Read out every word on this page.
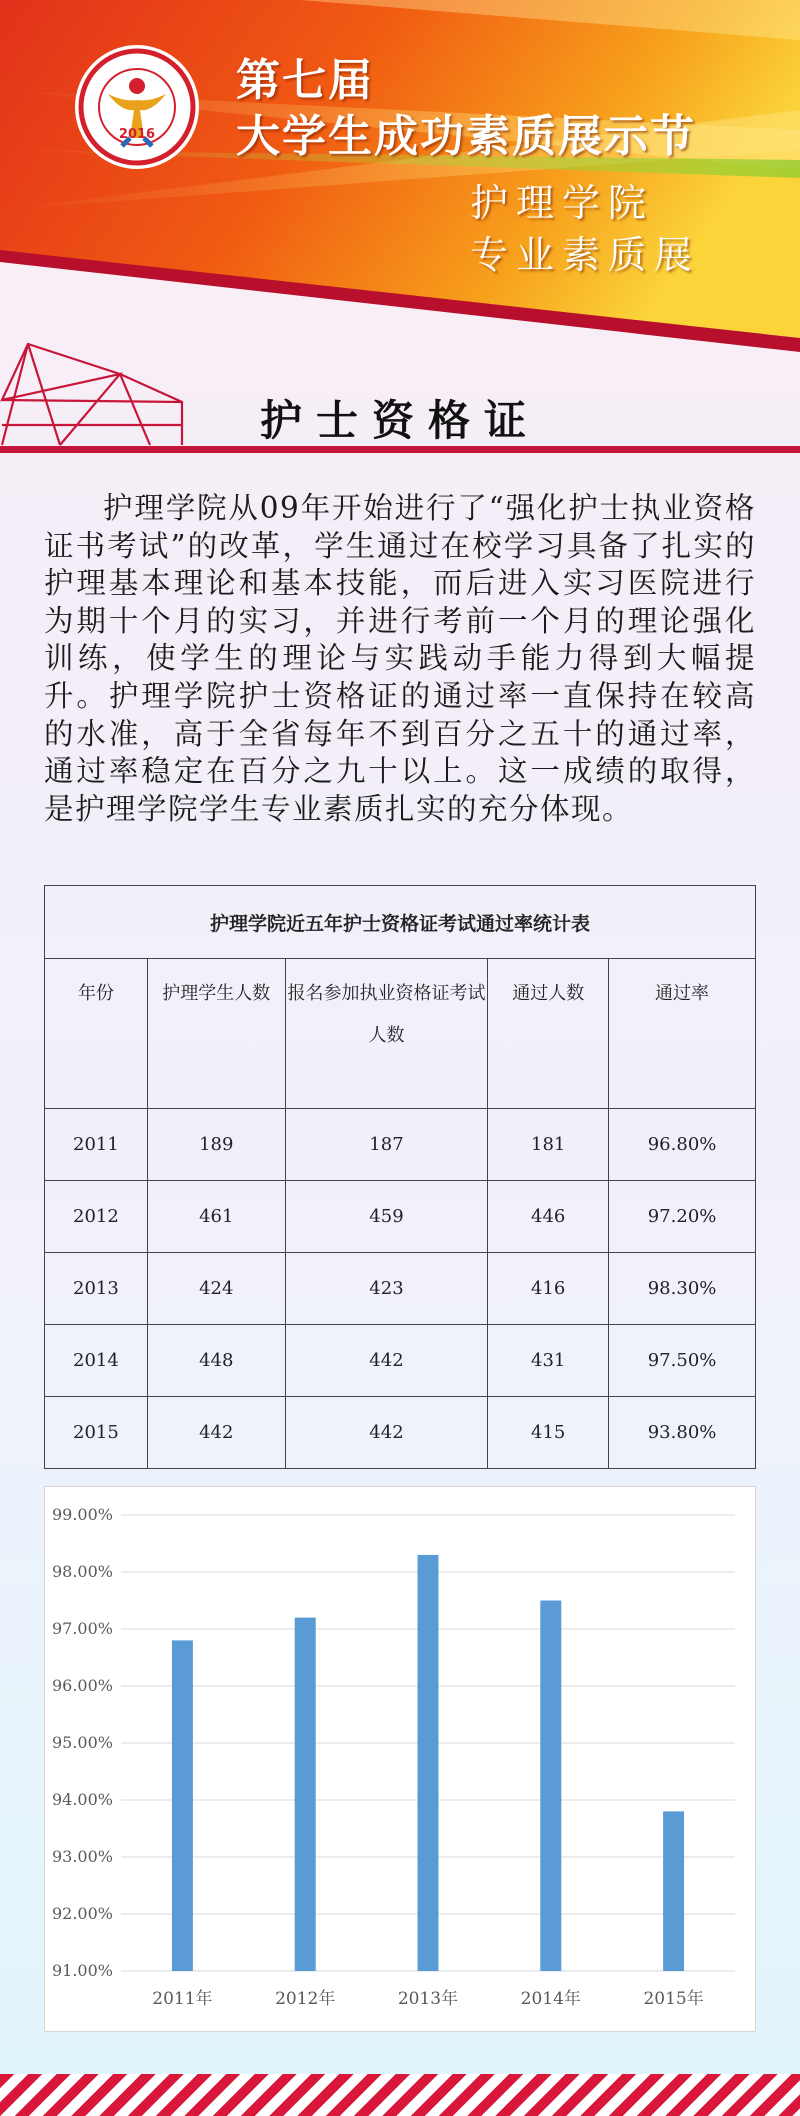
2016
第七届
大学生成功素质展示节
护理学院
专业素质展
护士资格证

护理学院从09年开始进行了“强化护士执业资格证书考试”的改革，学生通过在校学习具备了扎实的护理基本理论和基本技能，而后进入实习医院进行为期十个月的实习，并进行考前一个月的理论强化训练，使学生的理论与实践动手能力得到大幅提升。护理学院护士资格证的通过率一直保持在较高的水准，高于全省每年不到百分之五十的通过率，通过率稳定在百分之九十以上。这一成绩的取得，是护理学院学生专业素质扎实的充分体现。

护理学院近五年护士资格证考试通过率统计表				
年份	护理学生人数	报名参加执业资格证考试人数	通过人数	通过率
2011	189	187	181	96.80%
2012	461	459	446	97.20%
2013	424	423	416	98.30%
2014	448	442	431	97.50%
2015	442	442	415	93.80%
91.00%
92.00%
93.00%
94.00%
95.00%
96.00%
97.00%
98.00%
99.00%
2011年	2012年	2013年	2014年	2015年
